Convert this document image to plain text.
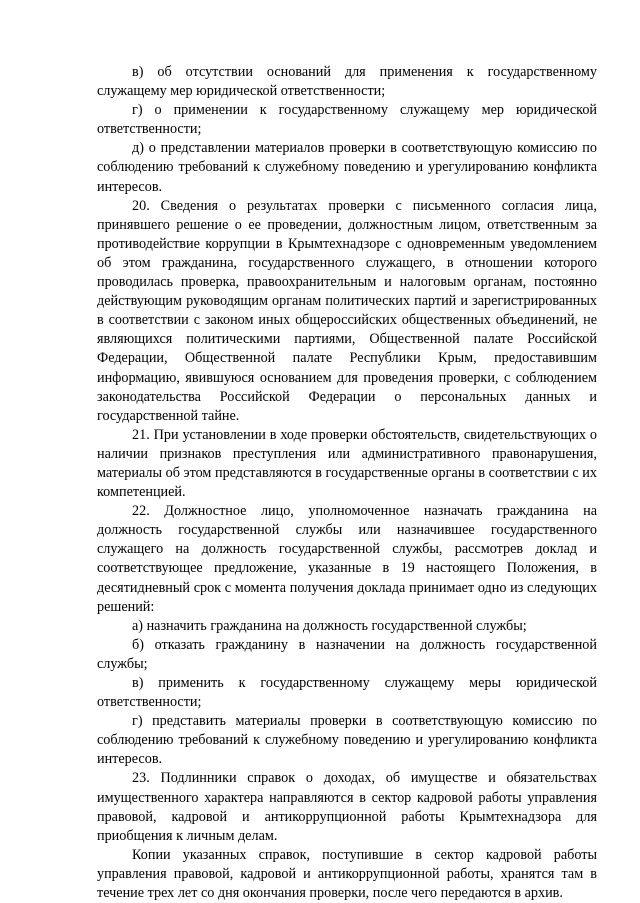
в) об отсутствии оснований для применения к государственному служащему мер юридической ответственности;

г) о применении к государственному служащему мер юридической ответственности;

д) о представлении материалов проверки в соответствующую комиссию по соблюдению требований к служебному поведению и урегулированию конфликта интересов.

20. Сведения о результатах проверки с письменного согласия лица, принявшего решение о ее проведении, должностным лицом, ответственным за противодействие коррупции в Крымтехнадзоре с одновременным уведомлением об этом гражданина, государственного служащего, в отношении которого проводилась проверка, правоохранительным и налоговым органам, постоянно действующим руководящим органам политических партий и зарегистрированных в соответствии с законом иных общероссийских общественных объединений, не являющихся политическими партиями, Общественной палате Российской Федерации, Общественной палате Республики Крым, предоставившим информацию, явившуюся основанием для проведения проверки, с соблюдением законодательства Российской Федерации о персональных данных и государственной тайне.

21. При установлении в ходе проверки обстоятельств, свидетельствующих о наличии признаков преступления или административного правонарушения, материалы об этом представляются в государственные органы в соответствии с их компетенцией.

22. Должностное лицо, уполномоченное назначать гражданина на должность государственной службы или назначившее государственного служащего на должность государственной службы, рассмотрев доклад и соответствующее предложение, указанные в 19 настоящего Положения, в десятидневный срок с момента получения доклада принимает одно из следующих решений:

а) назначить гражданина на должность государственной службы;

б) отказать гражданину в назначении на должность государственной службы;

в) применить к государственному служащему меры юридической ответственности;

г) представить материалы проверки в соответствующую комиссию по соблюдению требований к служебному поведению и урегулированию конфликта интересов.

23. Подлинники справок о доходах, об имуществе и обязательствах имущественного характера направляются в сектор кадровой работы управления правовой, кадровой и антикоррупционной работы Крымтехнадзора для приобщения к личным делам.

Копии указанных справок, поступившие в сектор кадровой работы управления правовой, кадровой и антикоррупционной работы, хранятся там в течение трех лет со дня окончания проверки, после чего передаются в архив.
